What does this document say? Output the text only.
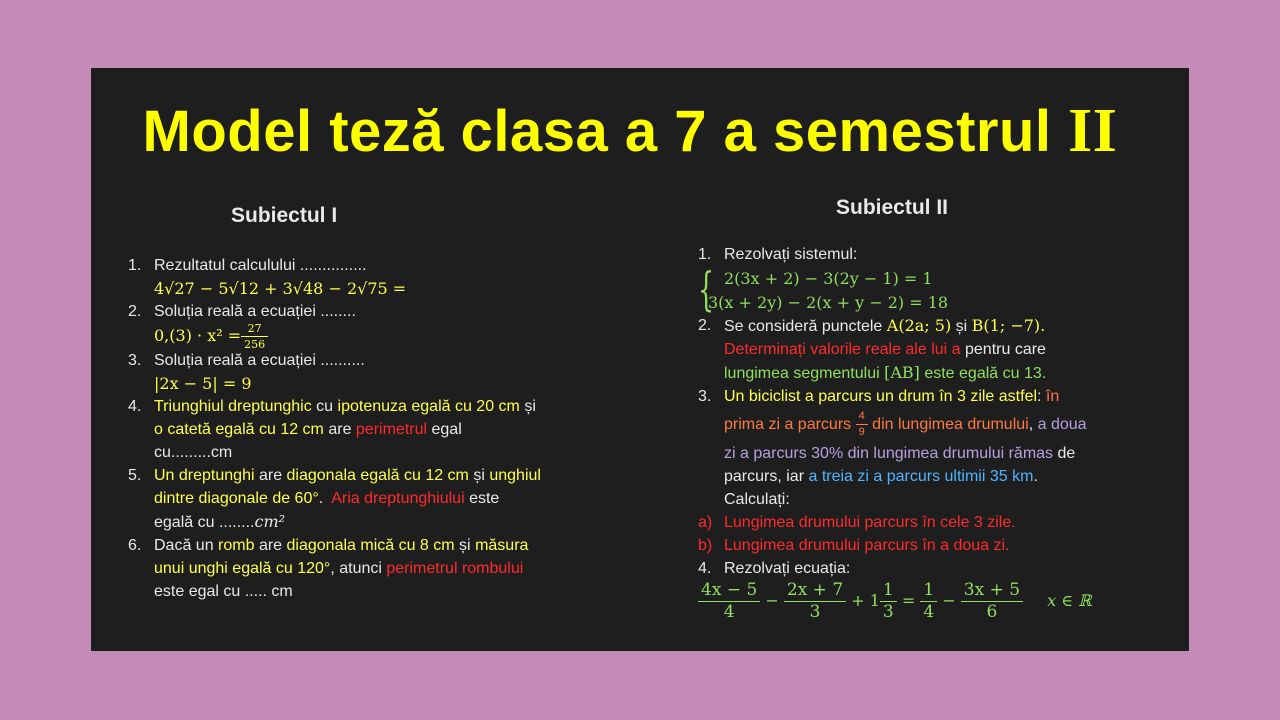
Model teză clasa a 7 a semestrul II
Subiectul I
1. Rezultatul calculului ...............
4√27 − 5√12 + 3√48 − 2√75 =
2. Soluția reală a ecuației ........
$0,(3) \cdot x^2 = \frac{27}{256}$
3. Soluția reală a ecuației ..........
|2x − 5| = 9
4. Triunghiul dreptunghic cu ipotenuza egală cu 20 cm și
o catetă egală cu 12 cm are perimetrul egal
cu.........cm
5. Un dreptunghi are diagonala egală cu 12 cm și unghiul
dintre diagonale de 60°.  Aria dreptunghiului este
egală cu ........cm²
6. Dacă un romb are diagonala mică cu 8 cm și măsura
unui unghi egală cu 120°, atunci perimetrul rombului
este egal cu ..... cm
Subiectul II
1. Rezolvați sistemul:
{ 2(3x + 2) − 3(2y − 1) = 1
3(x + 2y) − 2(x + y − 2) = 18
2. Se consideră punctele A(2a; 5) și B(1; −7).
Determinați valorile reale ale lui a pentru care
lungimea segmentului [AB] este egală cu 13.
3. Un biciclist a parcurs un drum în 3 zile astfel: în
prima zi a parcurs $\frac{4}{9}$ din lungimea drumului, a doua
zi a parcurs 30% din lungimea drumului rămas de
parcurs, iar a treia zi a parcurs ultimii 35 km.
Calculați:
a) Lungimea drumului parcurs în cele 3 zile.
b) Lungimea drumului parcurs în a doua zi.
4. Rezolvați ecuația:
$\frac{4x - 5}{4} - \frac{2x + 7}{3} + 1 \frac{1}{3} = \frac{1}{4} - \frac{3x + 5}{6}$ x ∈ ℝ
